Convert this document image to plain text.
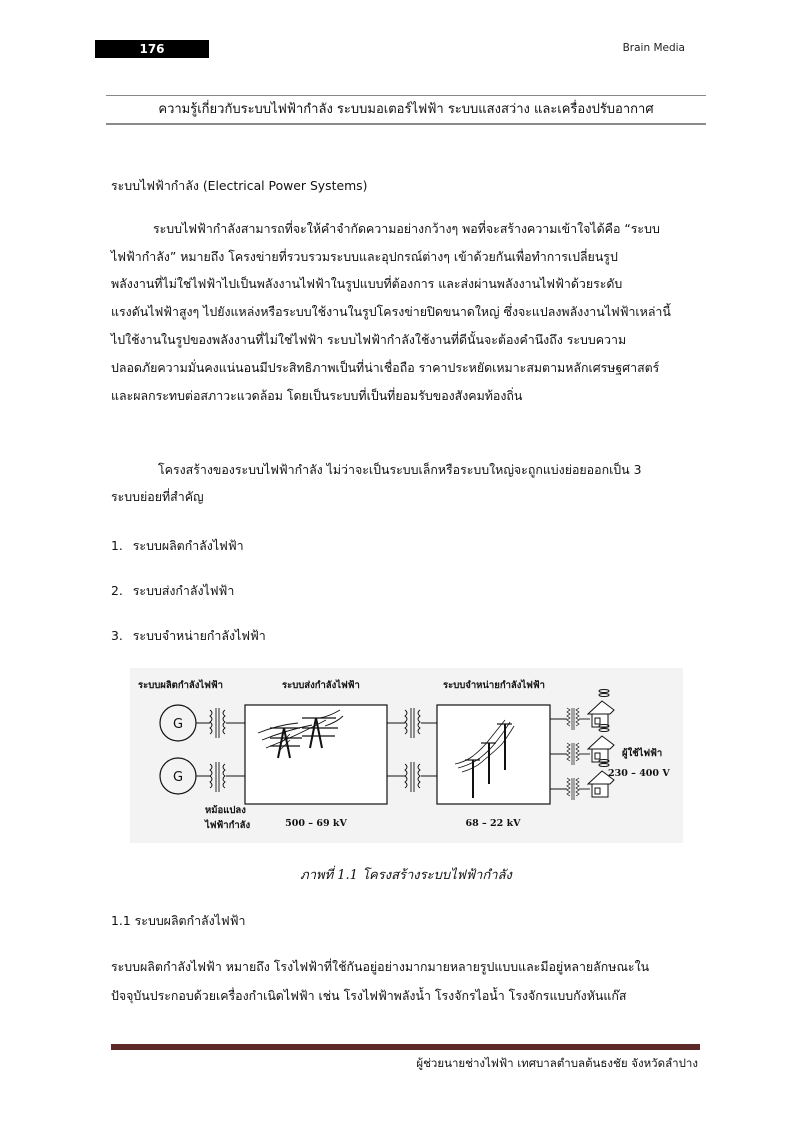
176	Brain Media
ความรู้เกี่ยวกับระบบไฟฟ้ากำลัง ระบบมอเตอร์ไฟฟ้า ระบบแสงสว่าง และเครื่องปรับอากาศ
ระบบไฟฟ้ากำลัง (Electrical Power Systems)
ระบบไฟฟ้ากำลังสามารถที่จะให้คำจำกัดความอย่างกว้างๆ พอที่จะสร้างความเข้าใจได้คือ “ระบบ
ไฟฟ้ากำลัง” หมายถึง โครงข่ายที่รวบรวมระบบและอุปกรณ์ต่างๆ เข้าด้วยกันเพื่อทำการเปลี่ยนรูป
พลังงานที่ไม่ใช่ไฟฟ้าไปเป็นพลังงานไฟฟ้าในรูปแบบที่ต้องการ และส่งผ่านพลังงานไฟฟ้าด้วยระดับ
แรงดันไฟฟ้าสูงๆ ไปยังแหล่งหรือระบบใช้งานในรูปโครงข่ายปิดขนาดใหญ่ ซึ่งจะแปลงพลังงานไฟฟ้าเหล่านี้
ไปใช้งานในรูปของพลังงานที่ไม่ใช่ไฟฟ้า ระบบไฟฟ้ากำลังใช้งานที่ดีนั้นจะต้องคำนึงถึง ระบบความ
ปลอดภัยความมั่นคงแน่นอนมีประสิทธิภาพเป็นที่น่าเชื่อถือ ราคาประหยัดเหมาะสมตามหลักเศรษฐศาสตร์
และผลกระทบต่อสภาวะแวดล้อม โดยเป็นระบบที่เป็นที่ยอมรับของสังคมท้องถิ่น
โครงสร้างของระบบไฟฟ้ากำลัง ไม่ว่าจะเป็นระบบเล็กหรือระบบใหญ่จะถูกแบ่งย่อยออกเป็น 3
ระบบย่อยที่สำคัญ
1. ระบบผลิตกำลังไฟฟ้า
2. ระบบส่งกำลังไฟฟ้า
3. ระบบจำหน่ายกำลังไฟฟ้า
ระบบผลิตกำลังไฟฟ้า	ระบบส่งกำลังไฟฟ้า	ระบบจำหน่ายกำลังไฟฟ้า
G
G
หม้อแปลง
ไฟฟ้ากำลัง	500 – 69 kV	68 – 22 kV
ผู้ใช้ไฟฟ้า
230 – 400 V
ภาพที่ 1.1 โครงสร้างระบบไฟฟ้ากำลัง
1.1 ระบบผลิตกำลังไฟฟ้า
ระบบผลิตกำลังไฟฟ้า หมายถึง โรงไฟฟ้าที่ใช้กันอยู่อย่างมากมายหลายรูปแบบและมีอยู่หลายลักษณะใน
ปัจจุบันประกอบด้วยเครื่องกำเนิดไฟฟ้า เช่น โรงไฟฟ้าพลังน้ำ โรงจักรไอน้ำ โรงจักรแบบกังหันแก๊ส
ผู้ช่วยนายช่างไฟฟ้า เทศบาลตำบลต้นธงชัย จังหวัดลำปาง
